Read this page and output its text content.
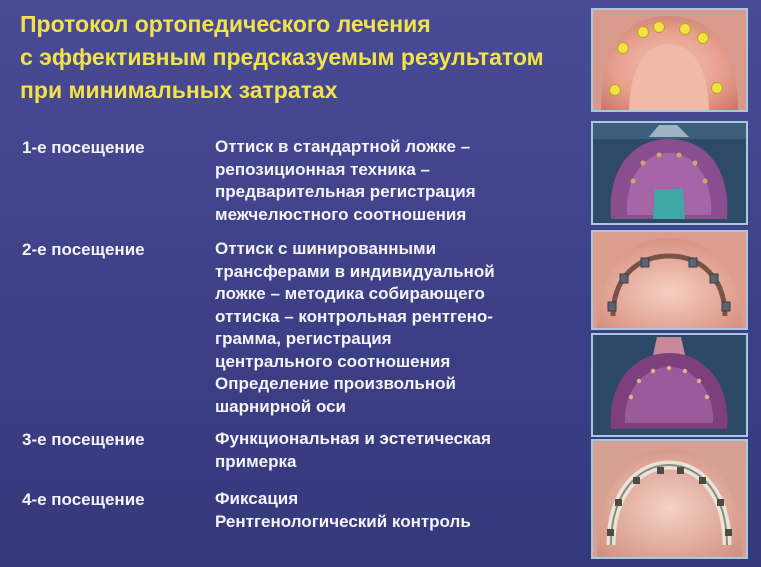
Протокол ортопедического лечения
с эффективным предсказуемым результатом
при минимальных затратах
1-е посещение	Оттиск в стандартной ложке –
репозиционная техника –
предварительная регистрация
межчелюстного соотношения
2-е посещение	Оттиск с шинированными
трансферами в индивидуальной
ложке – методика собирающего
оттиска – контрольная рентгено-
грамма, регистрация
центрального соотношения
Определение произвольной
шарнирной оси
3-е посещение	Функциональная и эстетическая
примерка
4-е посещение	Фиксация
Рентгенологический контроль
